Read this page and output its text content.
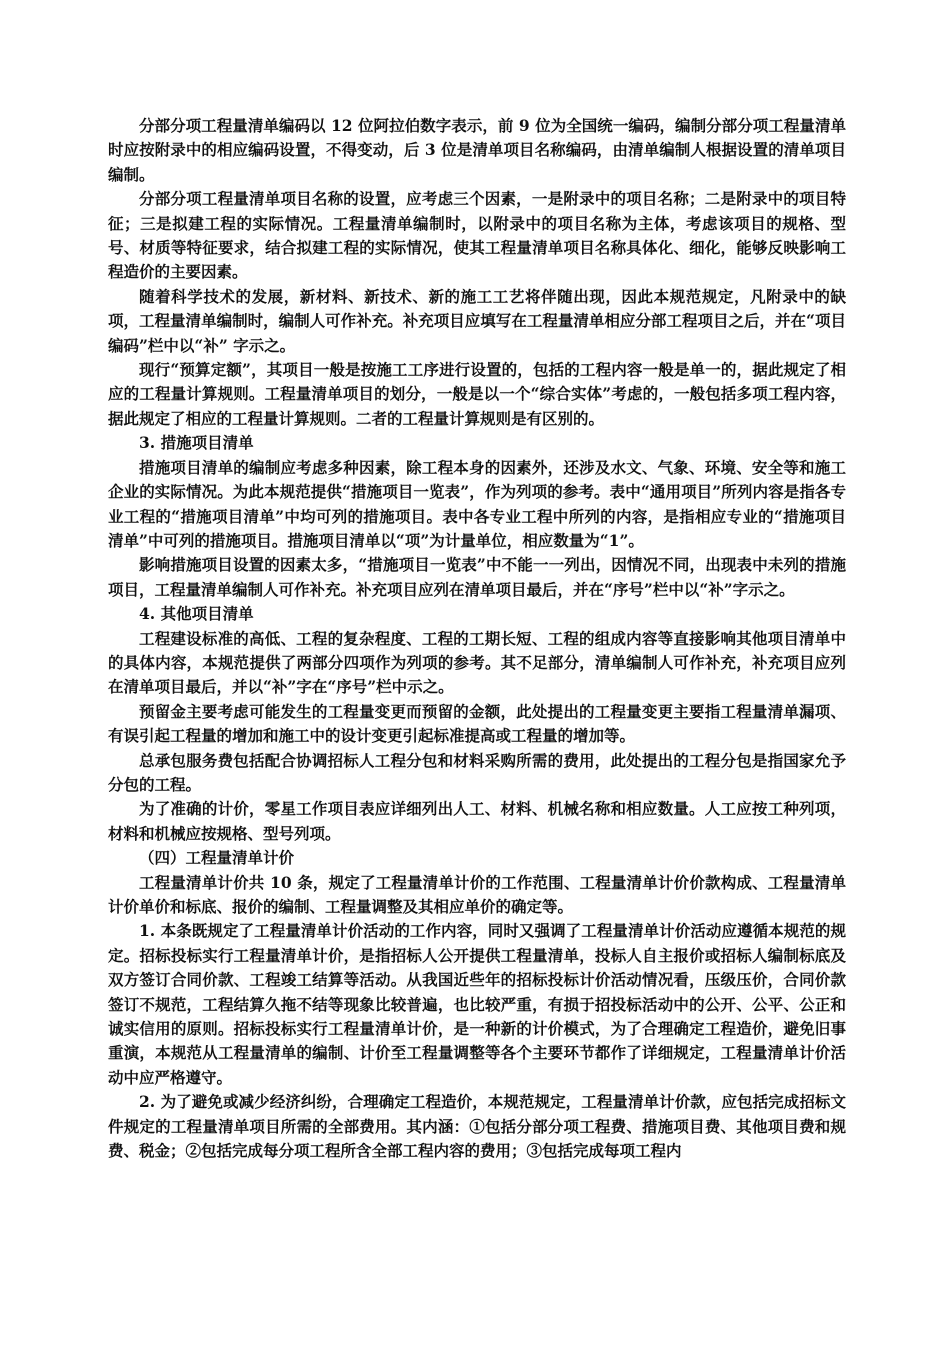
分部分项工程量清单编码以 12 位阿拉伯数字表示，前 9 位为全国统一编码，编制分部分项工程量清单时应按附录中的相应编码设置，不得变动，后 3 位是清单项目名称编码，由清单编制人根据设置的清单项目编制。

分部分项工程量清单项目名称的设置，应考虑三个因素，一是附录中的项目名称；二是附录中的项目特征；三是拟建工程的实际情况。工程量清单编制时，以附录中的项目名称为主体，考虑该项目的规格、型号、材质等特征要求，结合拟建工程的实际情况，使其工程量清单项目名称具体化、细化，能够反映影响工程造价的主要因素。

随着科学技术的发展，新材料、新技术、新的施工工艺将伴随出现，因此本规范规定，凡附录中的缺项，工程量清单编制时，编制人可作补充。补充项目应填写在工程量清单相应分部工程项目之后，并在“项目编码”栏中以“补” 字示之。

现行“预算定额”，其项目一般是按施工工序进行设置的，包括的工程内容一般是单一的，据此规定了相应的工程量计算规则。工程量清单项目的划分，一般是以一个“综合实体”考虑的，一般包括多项工程内容，据此规定了相应的工程量计算规则。二者的工程量计算规则是有区别的。

3. 措施项目清单

措施项目清单的编制应考虑多种因素，除工程本身的因素外，还涉及水文、气象、环境、安全等和施工企业的实际情况。为此本规范提供“措施项目一览表”，作为列项的参考。表中“通用项目”所列内容是指各专业工程的“措施项目清单”中均可列的措施项目。表中各专业工程中所列的内容，是指相应专业的“措施项目清单”中可列的措施项目。措施项目清单以“项”为计量单位，相应数量为“1”。

影响措施项目设置的因素太多，“措施项目一览表”中不能一一列出，因情况不同，出现表中未列的措施项目，工程量清单编制人可作补充。补充项目应列在清单项目最后，并在“序号”栏中以“补”字示之。

4. 其他项目清单

工程建设标准的高低、工程的复杂程度、工程的工期长短、工程的组成内容等直接影响其他项目清单中的具体内容，本规范提供了两部分四项作为列项的参考。其不足部分，清单编制人可作补充，补充项目应列在清单项目最后，并以“补”字在“序号”栏中示之。

预留金主要考虑可能发生的工程量变更而预留的金额，此处提出的工程量变更主要指工程量清单漏项、有误引起工程量的增加和施工中的设计变更引起标准提高或工程量的增加等。

总承包服务费包括配合协调招标人工程分包和材料采购所需的费用，此处提出的工程分包是指国家允予分包的工程。

为了准确的计价，零星工作项目表应详细列出人工、材料、机械名称和相应数量。人工应按工种列项，材料和机械应按规格、型号列项。

（四）工程量清单计价

工程量清单计价共 10 条，规定了工程量清单计价的工作范围、工程量清单计价价款构成、工程量清单计价单价和标底、报价的编制、工程量调整及其相应单价的确定等。

1. 本条既规定了工程量清单计价活动的工作内容，同时又强调了工程量清单计价活动应遵循本规范的规定。招标投标实行工程量清单计价，是指招标人公开提供工程量清单，投标人自主报价或招标人编制标底及双方签订合同价款、工程竣工结算等活动。从我国近些年的招标投标计价活动情况看，压级压价，合同价款签订不规范，工程结算久拖不结等现象比较普遍，也比较严重，有损于招投标活动中的公开、公平、公正和诚实信用的原则。招标投标实行工程量清单计价，是一种新的计价模式，为了合理确定工程造价，避免旧事重演，本规范从工程量清单的编制、计价至工程量调整等各个主要环节都作了详细规定，工程量清单计价活动中应严格遵守。

2. 为了避免或减少经济纠纷，合理确定工程造价，本规范规定，工程量清单计价款，应包括完成招标文件规定的工程量清单项目所需的全部费用。其内涵：①包括分部分项工程费、措施项目费、其他项目费和规费、税金；②包括完成每分项工程所含全部工程内容的费用；③包括完成每项工程内
